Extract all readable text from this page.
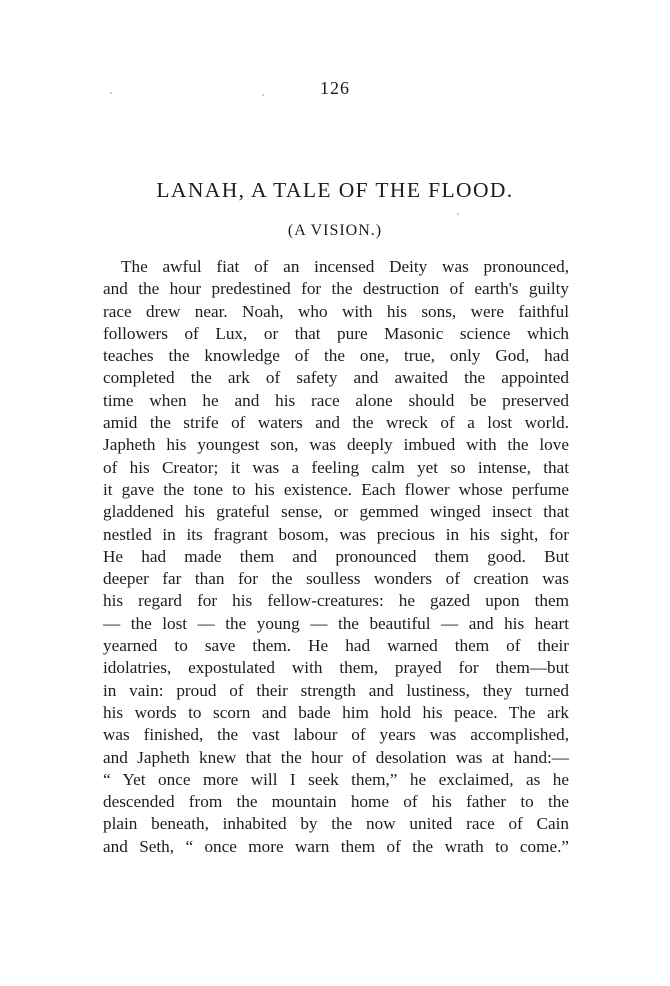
126
LANAH, A TALE OF THE FLOOD.
(A VISION.)
The awful fiat of an incensed Deity was pronounced,
and the hour predestined for the destruction of earth's guilty
race drew near. Noah, who with his sons, were faithful
followers of Lux, or that pure Masonic science which
teaches the knowledge of the one, true, only God, had
completed the ark of safety and awaited the appointed
time when he and his race alone should be preserved
amid the strife of waters and the wreck of a lost world.
Japheth his youngest son, was deeply imbued with the love
of his Creator; it was a feeling calm yet so intense, that
it gave the tone to his existence. Each flower whose perfume
gladdened his grateful sense, or gemmed winged insect that
nestled in its fragrant bosom, was precious in his sight, for
He had made them and pronounced them good. But
deeper far than for the soulless wonders of creation was
his regard for his fellow-creatures: he gazed upon them
— the lost — the young — the beautiful — and his heart
yearned to save them. He had warned them of their
idolatries, expostulated with them, prayed for them—but
in vain: proud of their strength and lustiness, they turned
his words to scorn and bade him hold his peace. The ark
was finished, the vast labour of years was accomplished,
and Japheth knew that the hour of desolation was at hand:—
“ Yet once more will I seek them,” he exclaimed, as he
descended from the mountain home of his father to the
plain beneath, inhabited by the now united race of Cain
and Seth, “ once more warn them of the wrath to come.”
